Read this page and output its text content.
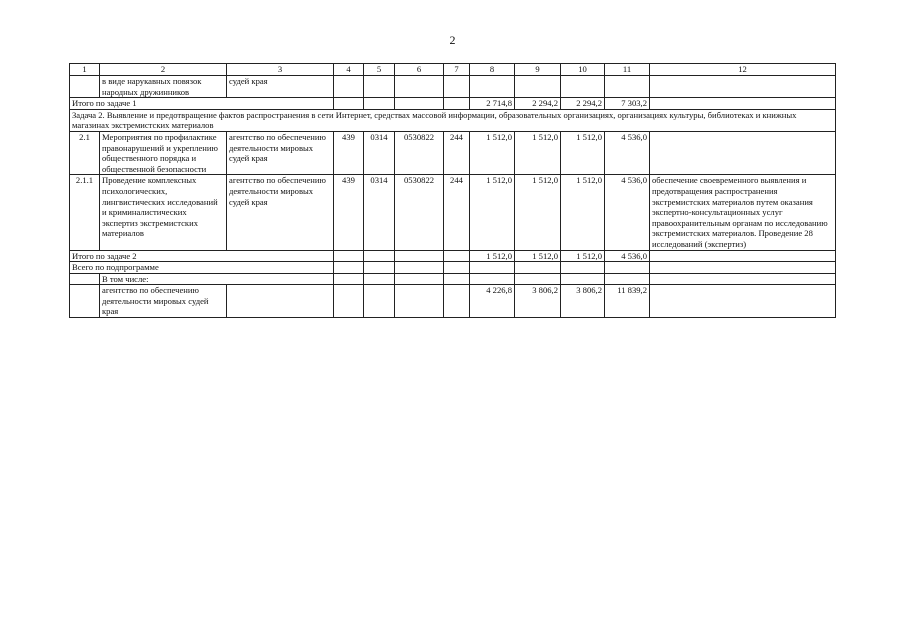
2
1	2	3	4	5	6	7	8	9	10	11	12
	в виде нарукавных повязок народных дружинников	судей края									
Итого по задаче 1							2 714,8	2 294,2	2 294,2	7 303,2	
Задача 2. Выявление и предотвращение фактов распространения в сети Интернет, средствах массовой информации, образовательных организациях, организациях культуры, библиотеках и книжных магазинах экстремистских материалов											
2.1	Мероприятия по профилактике правонарушений и укреплению общественного порядка и общественной безопасности	агентство по обеспечению деятельности мировых судей края	439	0314	0530822	244	1 512,0	1 512,0	1 512,0	4 536,0	
2.1.1	Проведение комплексных психологических, лингвистических исследований и криминалистических экспертиз экстремистских материалов	агентство по обеспечению деятельности мировых судей края	439	0314	0530822	244	1 512,0	1 512,0	1 512,0	4 536,0	обеспечение своевременного выявления и предотвращения распространения экстремистских материалов путем оказания экспертно-консультационных услуг правоохранительным органам по исследованию экстремистских материалов. Проведение 28 исследований (экспертиз)
Итого по задаче 2							1 512,0	1 512,0	1 512,0	4 536,0	
Всего по подпрограмме											
	В том числе:										
	агентство по обеспечению деятельности мировых судей края						4 226,8	3 806,2	3 806,2	11 839,2	
